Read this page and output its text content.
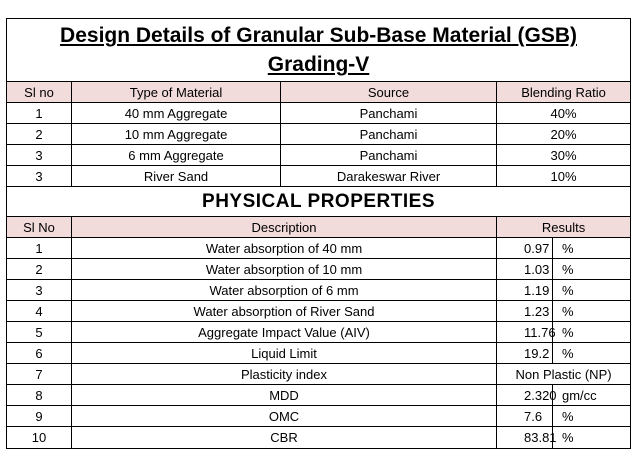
Design Details of Granular Sub-Base Material (GSB)
Grading-V				

Sl no	Type of Material	Source	Blending Ratio	
1	40 mm Aggregate	Panchami	40%	
2	10 mm Aggregate	Panchami	20%	
3	6 mm Aggregate	Panchami	30%	
3	River Sand	Darakeswar River	10%	
PHYSICAL PROPERTIES				
Sl No	Description		Results	
1	Water absorption of 40 mm		0.97	%
2	Water absorption of 10 mm		1.03	%
3	Water absorption of 6 mm		1.19	%
4	Water absorption of River Sand		1.23	%
5	Aggregate Impact Value (AIV)		11.76	%
6	Liquid Limit		19.2	%
7	Plasticity index		Non Plastic (NP)	
8	MDD		2.320	gm/cc
9	OMC		7.6	%
10	CBR		83.81	%
